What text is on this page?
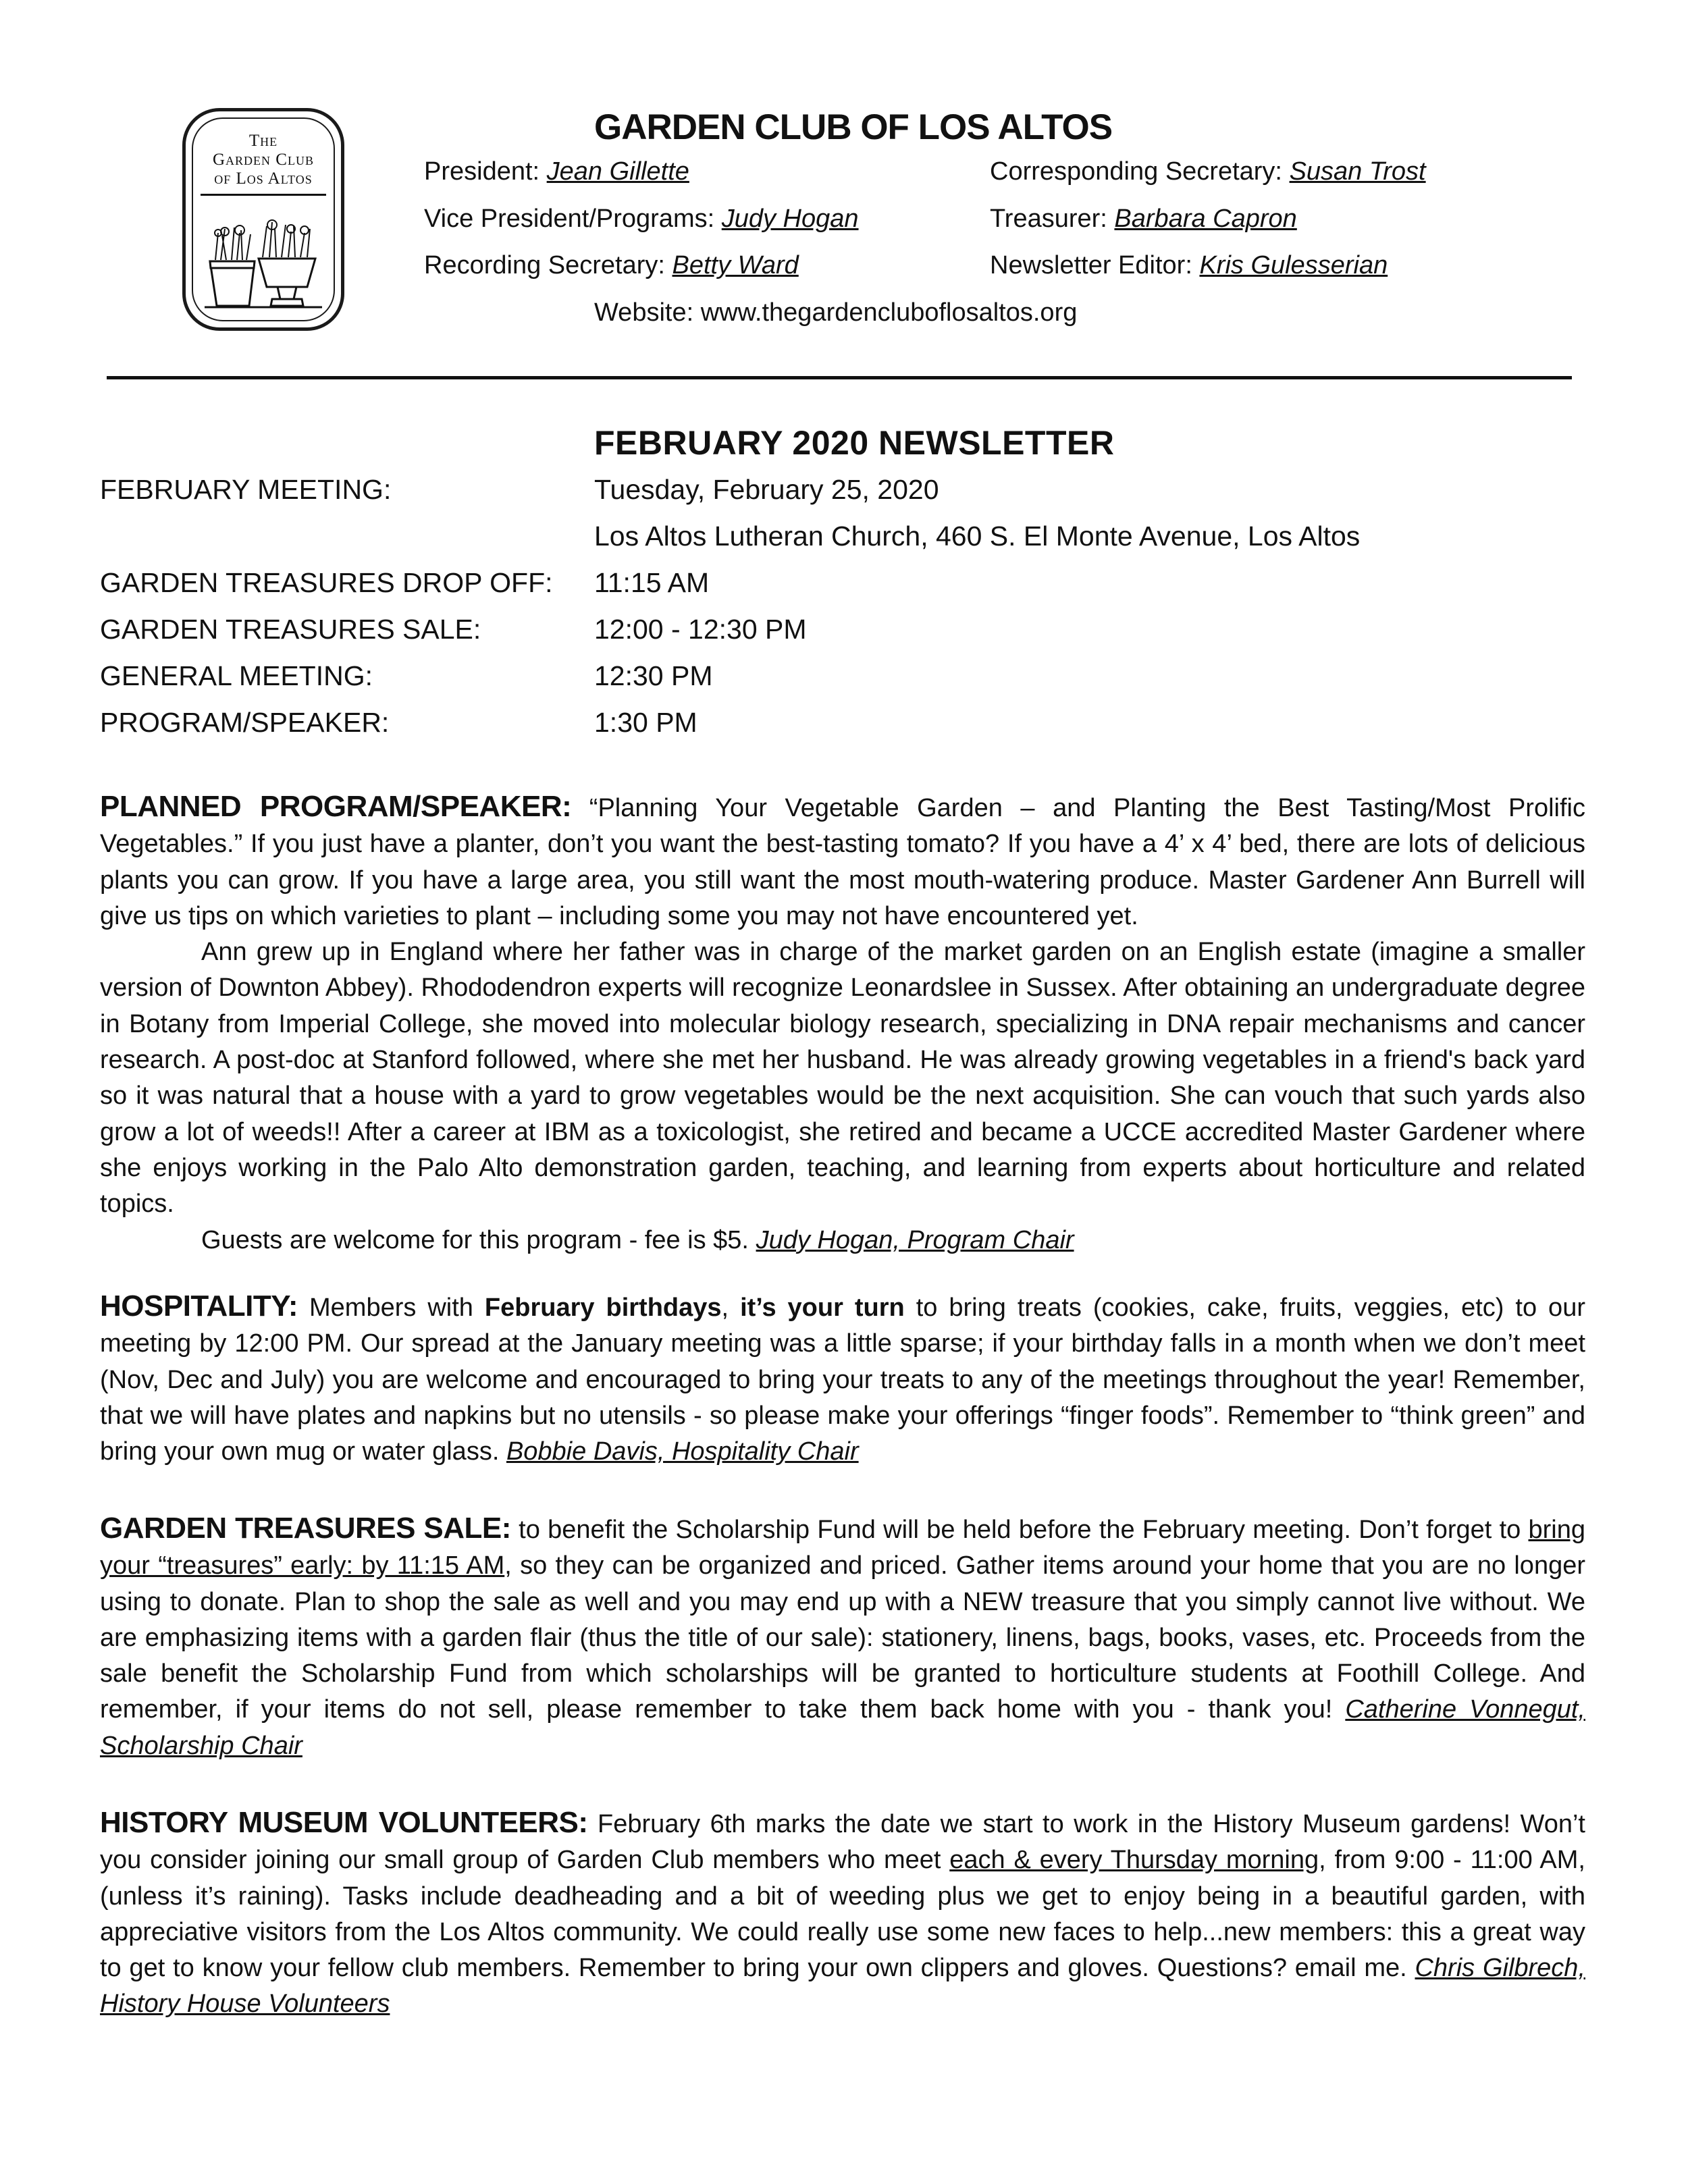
The
Garden Club
of Los Altos
GARDEN CLUB OF LOS ALTOS
President: Jean Gillette	Corresponding Secretary: Susan Trost
Vice President/Programs: Judy Hogan	Treasurer: Barbara Capron
Recording Secretary: Betty Ward	Newsletter Editor: Kris Gulesserian
Website: www.thegardencluboflosaltos.org
FEBRUARY 2020 NEWSLETTER
FEBRUARY MEETING:	Tuesday, February 25, 2020
Los Altos Lutheran Church, 460 S. El Monte Avenue, Los Altos
GARDEN TREASURES DROP OFF: 11:15 AM
GARDEN TREASURES SALE:	12:00 - 12:30 PM
GENERAL MEETING:	12:30 PM
PROGRAM/SPEAKER:	1:30 PM

PLANNED PROGRAM/SPEAKER: “Planning Your Vegetable Garden – and Planting the Best Tasting/Most Prolific Vegetables.” If you just have a planter, don’t you want the best-tasting tomato? If you have a 4’ x 4’ bed, there are lots of delicious plants you can grow. If you have a large area, you still want the most mouth-watering produce. Master Gardener Ann Burrell will give us tips on which varieties to plant – including some you may not have encountered yet.

Ann grew up in England where her father was in charge of the market garden on an English estate (imagine a smaller version of Downton Abbey). Rhododendron experts will recognize Leonardslee in Sussex. After obtaining an undergraduate degree in Botany from Imperial College, she moved into molecular biology research, specializing in DNA repair mechanisms and cancer research. A post-doc at Stanford followed, where she met her husband. He was already growing vegetables in a friend's back yard so it was natural that a house with a yard to grow vegetables would be the next acquisition. She can vouch that such yards also grow a lot of weeds!! After a career at IBM as a toxicologist, she retired and became a UCCE accredited Master Gardener where she enjoys working in the Palo Alto demonstration garden, teaching, and learning from experts about horticulture and related topics.

Guests are welcome for this program - fee is $5. Judy Hogan, Program Chair

HOSPITALITY: Members with February birthdays, it’s your turn to bring treats (cookies, cake, fruits, veggies, etc) to our meeting by 12:00 PM. Our spread at the January meeting was a little sparse; if your birthday falls in a month when we don’t meet (Nov, Dec and July) you are welcome and encouraged to bring your treats to any of the meetings throughout the year! Remember, that we will have plates and napkins but no utensils - so please make your offerings “finger foods”. Remember to “think green” and bring your own mug or water glass. Bobbie Davis, Hospitality Chair

GARDEN TREASURES SALE: to benefit the Scholarship Fund will be held before the February meeting. Don’t forget to bring your “treasures” early: by 11:15 AM, so they can be organized and priced. Gather items around your home that you are no longer using to donate. Plan to shop the sale as well and you may end up with a NEW treasure that you simply cannot live without. We are emphasizing items with a garden flair (thus the title of our sale): stationery, linens, bags, books, vases, etc. Proceeds from the sale benefit the Scholarship Fund from which scholarships will be granted to horticulture students at Foothill College. And remember, if your items do not sell, please remember to take them back home with you - thank you! Catherine Vonnegut, Scholarship Chair

HISTORY MUSEUM VOLUNTEERS: February 6th marks the date we start to work in the History Museum gardens! Won’t you consider joining our small group of Garden Club members who meet each & every Thursday morning, from 9:00 - 11:00 AM, (unless it’s raining). Tasks include deadheading and a bit of weeding plus we get to enjoy being in a beautiful garden, with appreciative visitors from the Los Altos community. We could really use some new faces to help...new members: this a great way to get to know your fellow club members. Remember to bring your own clippers and gloves. Questions? email me. Chris Gilbrech, History House Volunteers
